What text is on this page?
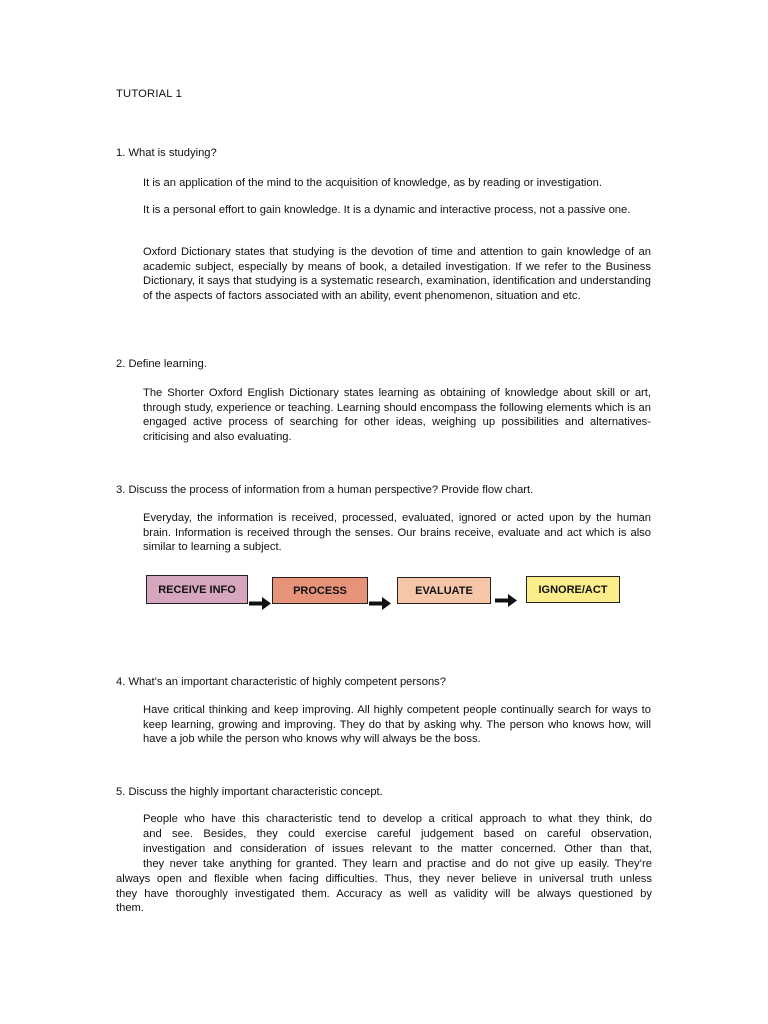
TUTORIAL 1
1. What is studying?
It is an application of the mind to the acquisition of knowledge, as by reading or investigation.
It is a personal effort to gain knowledge. It is a dynamic and interactive process, not a passive one.
Oxford Dictionary states that studying is the devotion of time and attention to gain knowledge of an academic subject, especially by means of book, a detailed investigation. If we refer to the Business Dictionary, it says that studying is a systematic research, examination, identification and understanding of the aspects of factors associated with an ability, event phenomenon, situation and etc.
2. Define learning.
The Shorter Oxford English Dictionary states learning as obtaining of knowledge about skill or art, through study, experience or teaching. Learning should encompass the following elements which is an engaged active process of searching for other ideas, weighing up possibilities and alternatives-criticising and also evaluating.
3. Discuss the process of information from a human perspective? Provide flow chart.
Everyday, the information is received, processed, evaluated, ignored or acted upon by the human brain. Information is received through the senses. Our brains receive, evaluate and act which is also similar to learning a subject.
RECEIVE INFO	PROCESS	EVALUATE	IGNORE/ACT
4. What’s an important characteristic of highly competent persons?
Have critical thinking and keep improving. All highly competent people continually search for ways to keep learning, growing and improving. They do that by asking why. The person who knows how, will have a job while the person who knows why will always be the boss.
5. Discuss the highly important characteristic concept.
People who have this characteristic tend to develop a critical approach to what they think, do
and see. Besides, they could exercise careful judgement based on careful observation,
investigation and consideration of issues relevant to the matter concerned. Other than that,
they never take anything for granted. They learn and practise and do not give up easily. They’re
always open and flexible when facing difficulties. Thus, they never believe in universal truth unless
they have thoroughly investigated them. Accuracy as well as validity will be always questioned by
them.
